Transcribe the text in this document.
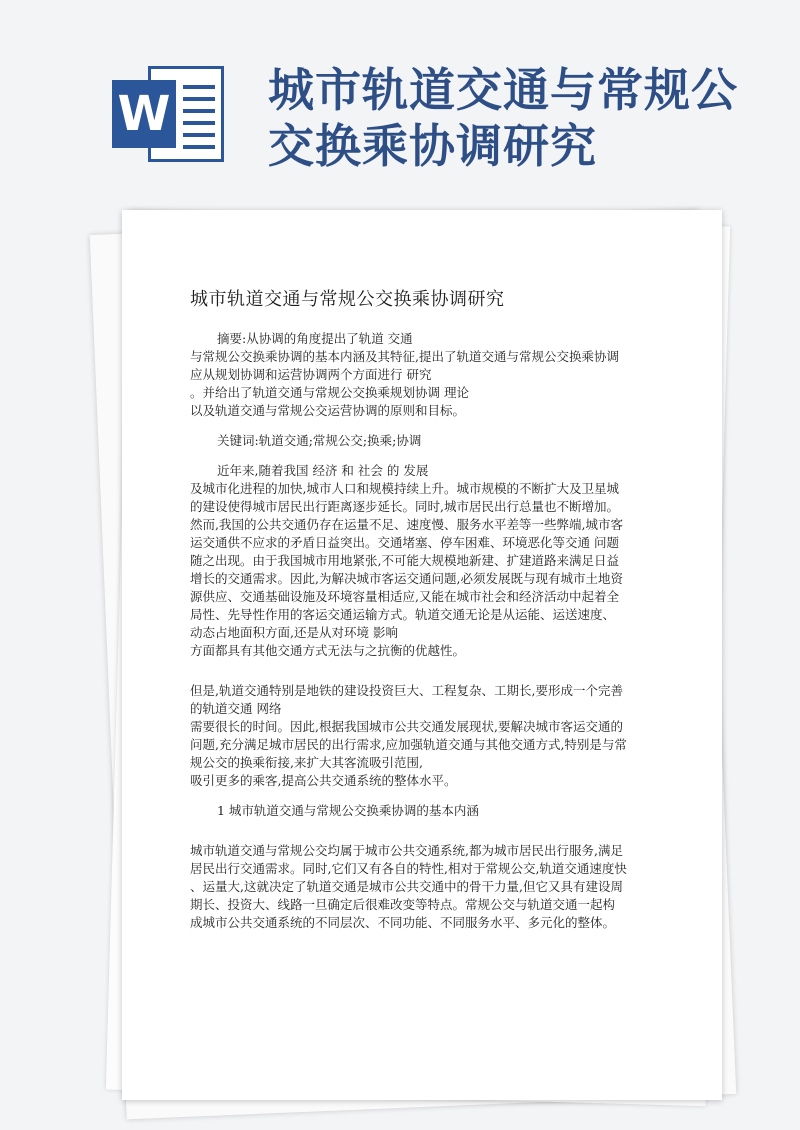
W 城市轨道交通与常规公
交换乘协调研究
城市轨道交通与常规公交换乘协调研究

摘要:从协调的角度提出了轨道 交通

与常规公交换乘协调的基本内涵及其特征,提出了轨道交通与常规公交换乘协调

应从规划协调和运营协调两个方面进行 研究

。并给出了轨道交通与常规公交换乘规划协调 理论

以及轨道交通与常规公交运营协调的原则和目标。

关键词:轨道交通;常规公交;换乘;协调

近年来,随着我国 经济 和 社会 的 发展

及城市化进程的加快,城市人口和规模持续上升。城市规模的不断扩大及卫星城

的建设使得城市居民出行距离逐步延长。同时,城市居民出行总量也不断增加。

然而,我国的公共交通仍存在运量不足、速度慢、服务水平差等一些弊端,城市客

运交通供不应求的矛盾日益突出。交通堵塞、停车困难、环境恶化等交通 问题

随之出现。由于我国城市用地紧张,不可能大规模地新建、扩建道路来满足日益

增长的交通需求。因此,为解决城市客运交通问题,必须发展既与现有城市土地资

源供应、交通基础设施及环境容量相适应,又能在城市社会和经济活动中起着全

局性、先导性作用的客运交通运输方式。轨道交通无论是从运能、运送速度、

动态占地面积方面,还是从对环境 影响

方面都具有其他交通方式无法与之抗衡的优越性。

但是,轨道交通特别是地铁的建设投资巨大、工程复杂、工期长,要形成一个完善

的轨道交通 网络

需要很长的时间。因此,根据我国城市公共交通发展现状,要解决城市客运交通的

问题,充分满足城市居民的出行需求,应加强轨道交通与其他交通方式,特别是与常

规公交的换乘衔接,来扩大其客流吸引范围,

吸引更多的乘客,提高公共交通系统的整体水平。

1 城市轨道交通与常规公交换乘协调的基本内涵

城市轨道交通与常规公交均属于城市公共交通系统,都为城市居民出行服务,满足

居民出行交通需求。同时,它们又有各自的特性,相对于常规公交,轨道交通速度快

、运量大,这就决定了轨道交通是城市公共交通中的骨干力量,但它又具有建设周

期长、投资大、线路一旦确定后很难改变等特点。常规公交与轨道交通一起构

成城市公共交通系统的不同层次、不同功能、不同服务水平、多元化的整体。
